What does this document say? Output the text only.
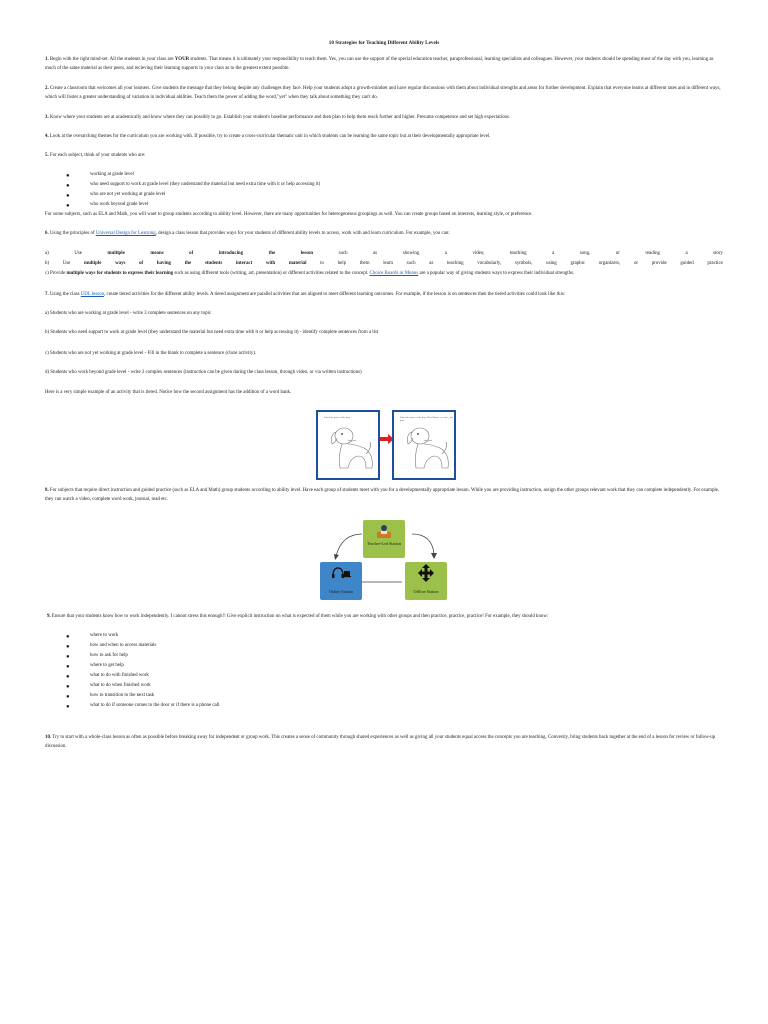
10 Strategies for Teaching Different Ability Levels
1. Begin with the right mind-set. All the students in your class are YOUR students. That means it is ultimately your responsibility to teach them. Yes, you can use the support of the special education teacher, paraprofessional, learning specialists and colleagues. However, your students should be spending most of the day with you, learning as much of the same material as their peers, and recieving their learning supports in your class as to the greatest extent possible.
2. Create a classroom that welcomes all your learners. Give students the message that they belong despite any challenges they face. Help your students adopt a growth-mindset and have regular discussions with them about individual strengths and areas for further development. Explain that everyone learns at different rates and in different ways, which will foster a greater understanding of variation in individual abilities. Teach them the power of adding the word,"yet" when they talk about something they can't do.
3. Know where your students are at academically and know where they can possibly to go. Establish your student's baseline performance and then plan to help them reach further and higher. Presume competence and set high expectations.
4. Look at the overarching themes for the curriculum you are working with. If possible, try to create a cross-curricular thematic unit in which students can be learning the same topic but at their developmentally appropriate level.
5. For each subject, think of your students who are:
●	working at grade level
●	who need support to work at grade level (they understand the material but need extra time with it or help accessing it)
●	who are not yet working at grade level
●	who work beyond grade level
For some subjects, such as ELA and Math, you will want to group students according to ability level. However, there are many opportunities for heterogeneous groupings as well. You can create groups based on interests, learning style, or preference.
6. Using the principles of Universal Design for Learning, design a class lesson that provides ways for your students of different ability levels to access, work with and learn curriculum. For example, you can:
a)	Use	multiple	means	of	introducing	the	lesson	such	as	showing	a	video,	teaching	a	song,	or	reading	a	story
b)	Use	multiple	ways	of	having	the	students	interact	with	material	to	help	them	learn	such	as	teaching	vocabularly,	symbols,	using	graphic	organizers,	or	provide	guided	practice
c) Provide multiple ways for students to express their learning such as using different tools (writing, art, presentation) or different activities related to the concept. Choice Boards or Menus are a popular way of giving students ways to express their individual strengths.
7. Using the class UDL lesson, create tiered activities for the different ability levels. A tiered assignment are parallel activities that are aligned to meet different learning outcomes. For example, if the lesson is on sentences then the tiered activities could look like this:
a) Students who are working at grade level - write 3 complete sentences on any topic
b) Students who need support to work at grade level (they understand the material but need extra time with it or help accessing it) - identify complete sentences from a list
c) Students who are not yet working at grade level - Fill in the blank to complete a sentence (cloze activity).
d) Students who work beyond grade level - write 3 complex sentences (instruction can be given during the class lesson, through video, or via written instructions)
Here is a very simple example of an activity that is tiered. Notice how the second assignment has the addition of a word bank.
Label the parts of the dog.	Label the parts of the dog. Word Bank: ear, nose, tail, paw
8. For subjects that require direct instruction and guided practice (such as ELA and Math) group students according to ability level. Have each group of students meet with you for a developmentally appropriate lesson. While you are providing instruction, assign the other groups relevant work that they can complete independently. For example, they can watch a video, complete word work, journal, read etc.
Teacher-Led Station
Online Station	Offline Station
9. Ensure that your students know how to work independently. I cannot stress this enough!! Give explicit instruction on what is expected of them while you are working with other groups and then practice, practice, practice! For example, they should know:
●	where to work
●	how and when to access materials
●	how to ask for help
●	where to get help
●	what to do with finished work
●	what to do when finished work
●	how to transition to the next task
●	what to do if someone comes to the door or if there is a phone call
10. Try to start with a whole-class lesson as often as possible before breaking away for independent or group work. This creates a sense of community through shared experiences as well as giving all your students equal access the concepts you are teaching. Conversly, bring students back together at the end of a lesson for review or follow-up discussion.
